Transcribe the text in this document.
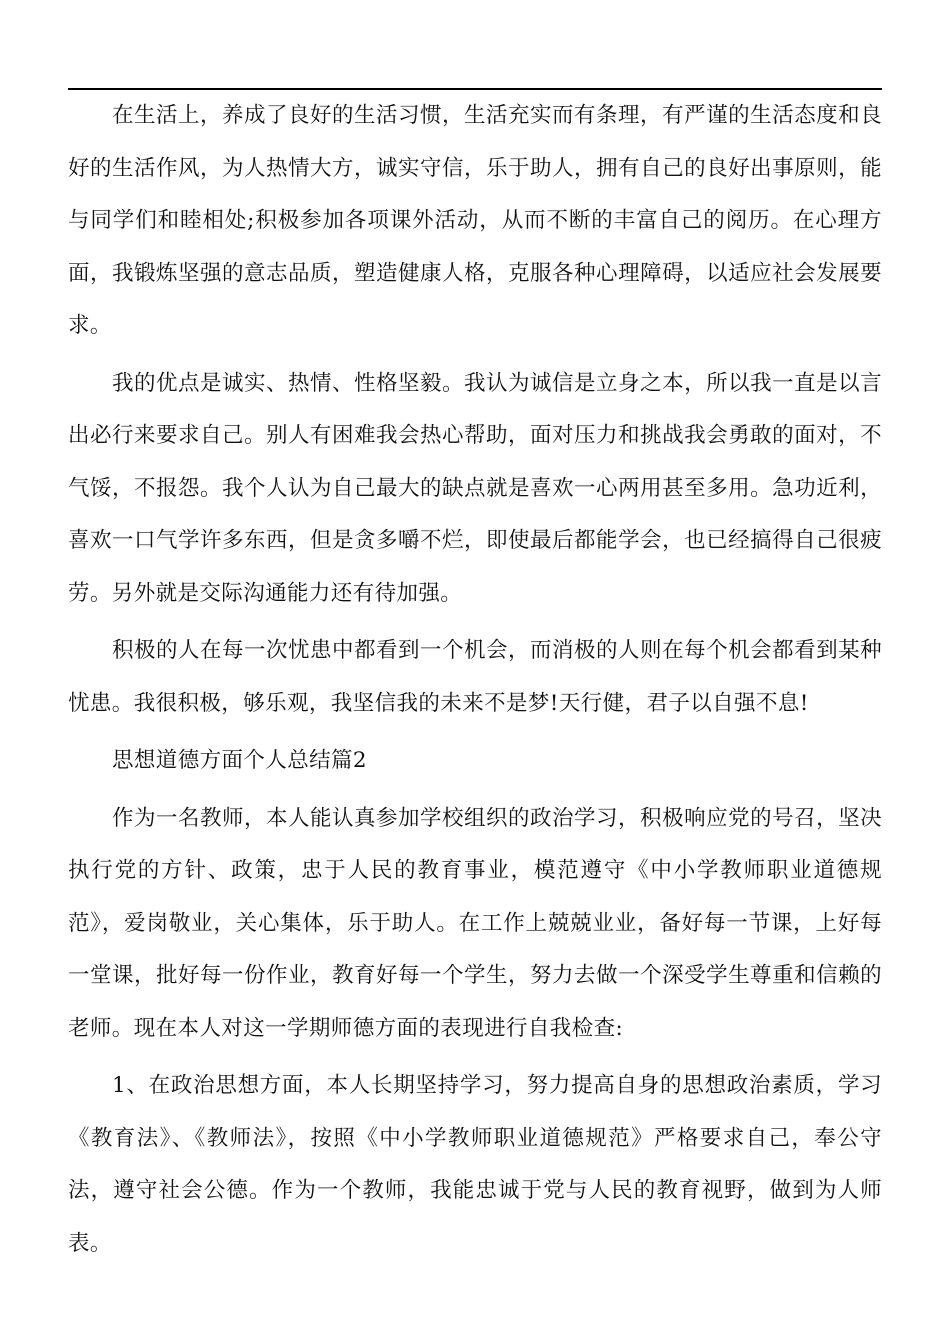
在生活上，养成了良好的生活习惯，生活充实而有条理，有严谨的生活态度和良好的生活作风，为人热情大方，诚实守信，乐于助人，拥有自己的良好出事原则，能与同学们和睦相处;积极参加各项课外活动，从而不断的丰富自己的阅历。在心理方面，我锻炼坚强的意志品质，塑造健康人格，克服各种心理障碍，以适应社会发展要求。

我的优点是诚实、热情、性格坚毅。我认为诚信是立身之本，所以我一直是以言出必行来要求自己。别人有困难我会热心帮助，面对压力和挑战我会勇敢的面对，不气馁，不报怨。我个人认为自己最大的缺点就是喜欢一心两用甚至多用。急功近利，喜欢一口气学许多东西，但是贪多嚼不烂，即使最后都能学会，也已经搞得自己很疲劳。另外就是交际沟通能力还有待加强。

积极的人在每一次忧患中都看到一个机会，而消极的人则在每个机会都看到某种忧患。我很积极，够乐观，我坚信我的未来不是梦!天行健，君子以自强不息!

思想道德方面个人总结篇2

作为一名教师，本人能认真参加学校组织的政治学习，积极响应党的号召，坚决执行党的方针、政策，忠于人民的教育事业，模范遵守《中小学教师职业道德规范》，爱岗敬业，关心集体，乐于助人。在工作上兢兢业业，备好每一节课，上好每一堂课，批好每一份作业，教育好每一个学生，努力去做一个深受学生尊重和信赖的老师。现在本人对这一学期师德方面的表现进行自我检查:

1、在政治思想方面，本人长期坚持学习，努力提高自身的思想政治素质，学习《教育法》、《教师法》，按照《中小学教师职业道德规范》严格要求自己，奉公守法，遵守社会公德。作为一个教师，我能忠诚于党与人民的教育视野，做到为人师表。
